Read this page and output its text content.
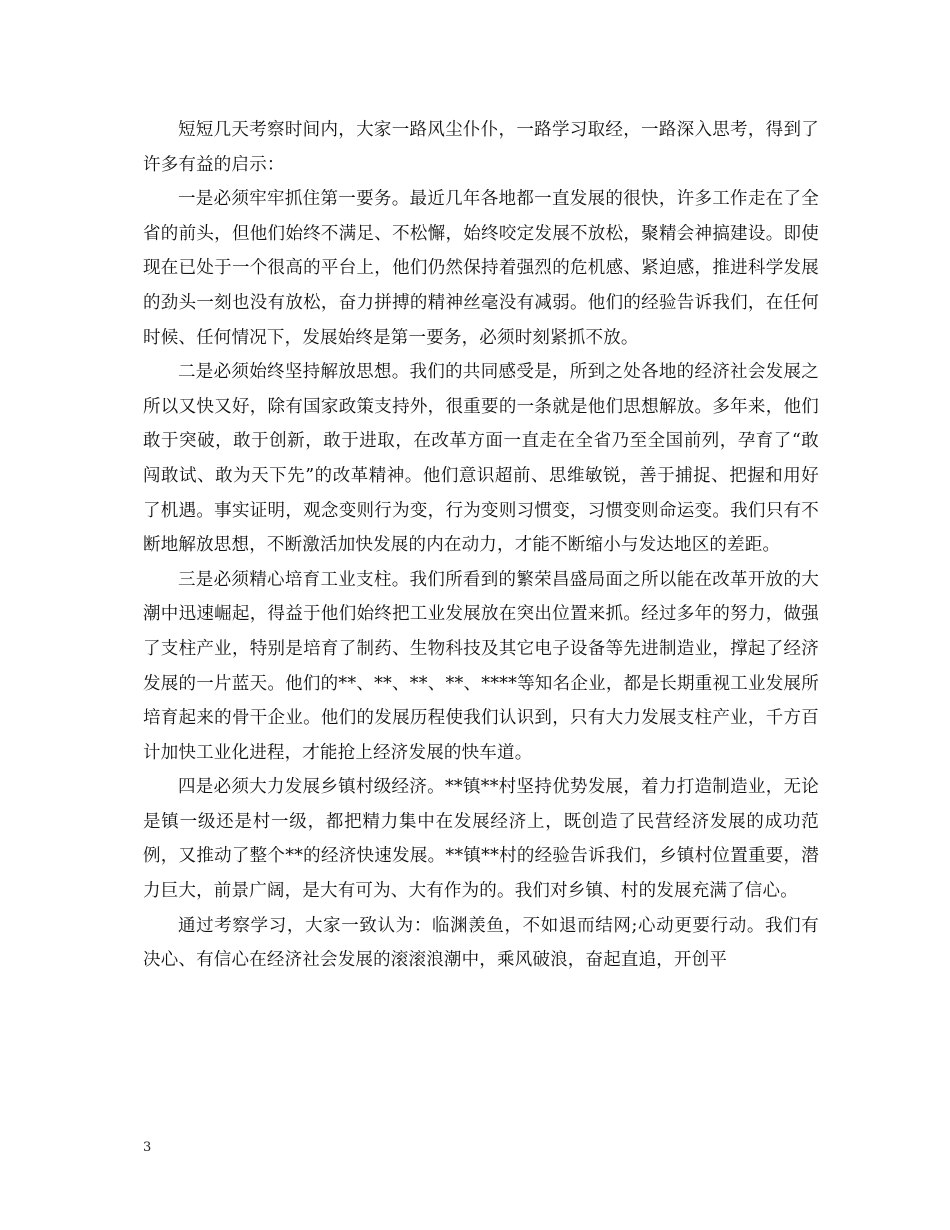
短短几天考察时间内，大家一路风尘仆仆，一路学习取经，一路深入思考，得到了许多有益的启示：

一是必须牢牢抓住第一要务。最近几年各地都一直发展的很快，许多工作走在了全省的前头，但他们始终不满足、不松懈，始终咬定发展不放松，聚精会神搞建设。即使现在已处于一个很高的平台上，他们仍然保持着强烈的危机感、紧迫感，推进科学发展的劲头一刻也没有放松，奋力拼搏的精神丝毫没有减弱。他们的经验告诉我们，在任何时候、任何情况下，发展始终是第一要务，必须时刻紧抓不放。

二是必须始终坚持解放思想。我们的共同感受是，所到之处各地的经济社会发展之所以又快又好，除有国家政策支持外，很重要的一条就是他们思想解放。多年来，他们敢于突破，敢于创新，敢于进取，在改革方面一直走在全省乃至全国前列，孕育了“敢闯敢试、敢为天下先”的改革精神。他们意识超前、思维敏锐，善于捕捉、把握和用好了机遇。事实证明，观念变则行为变，行为变则习惯变，习惯变则命运变。我们只有不断地解放思想，不断激活加快发展的内在动力，才能不断缩小与发达地区的差距。

三是必须精心培育工业支柱。我们所看到的繁荣昌盛局面之所以能在改革开放的大潮中迅速崛起，得益于他们始终把工业发展放在突出位置来抓。经过多年的努力，做强了支柱产业，特别是培育了制药、生物科技及其它电子设备等先进制造业，撑起了经济发展的一片蓝天。他们的**、**、**、**、****等知名企业，都是长期重视工业发展所培育起来的骨干企业。他们的发展历程使我们认识到，只有大力发展支柱产业，千方百计加快工业化进程，才能抢上经济发展的快车道。

四是必须大力发展乡镇村级经济。**镇**村坚持优势发展，着力打造制造业，无论是镇一级还是村一级，都把精力集中在发展经济上，既创造了民营经济发展的成功范例，又推动了整个**的经济快速发展。**镇**村的经验告诉我们，乡镇村位置重要，潜力巨大，前景广阔，是大有可为、大有作为的。我们对乡镇、村的发展充满了信心。

通过考察学习，大家一致认为：临渊羡鱼，不如退而结网;心动更要行动。我们有决心、有信心在经济社会发展的滚滚浪潮中，乘风破浪，奋起直追，开创平

3
